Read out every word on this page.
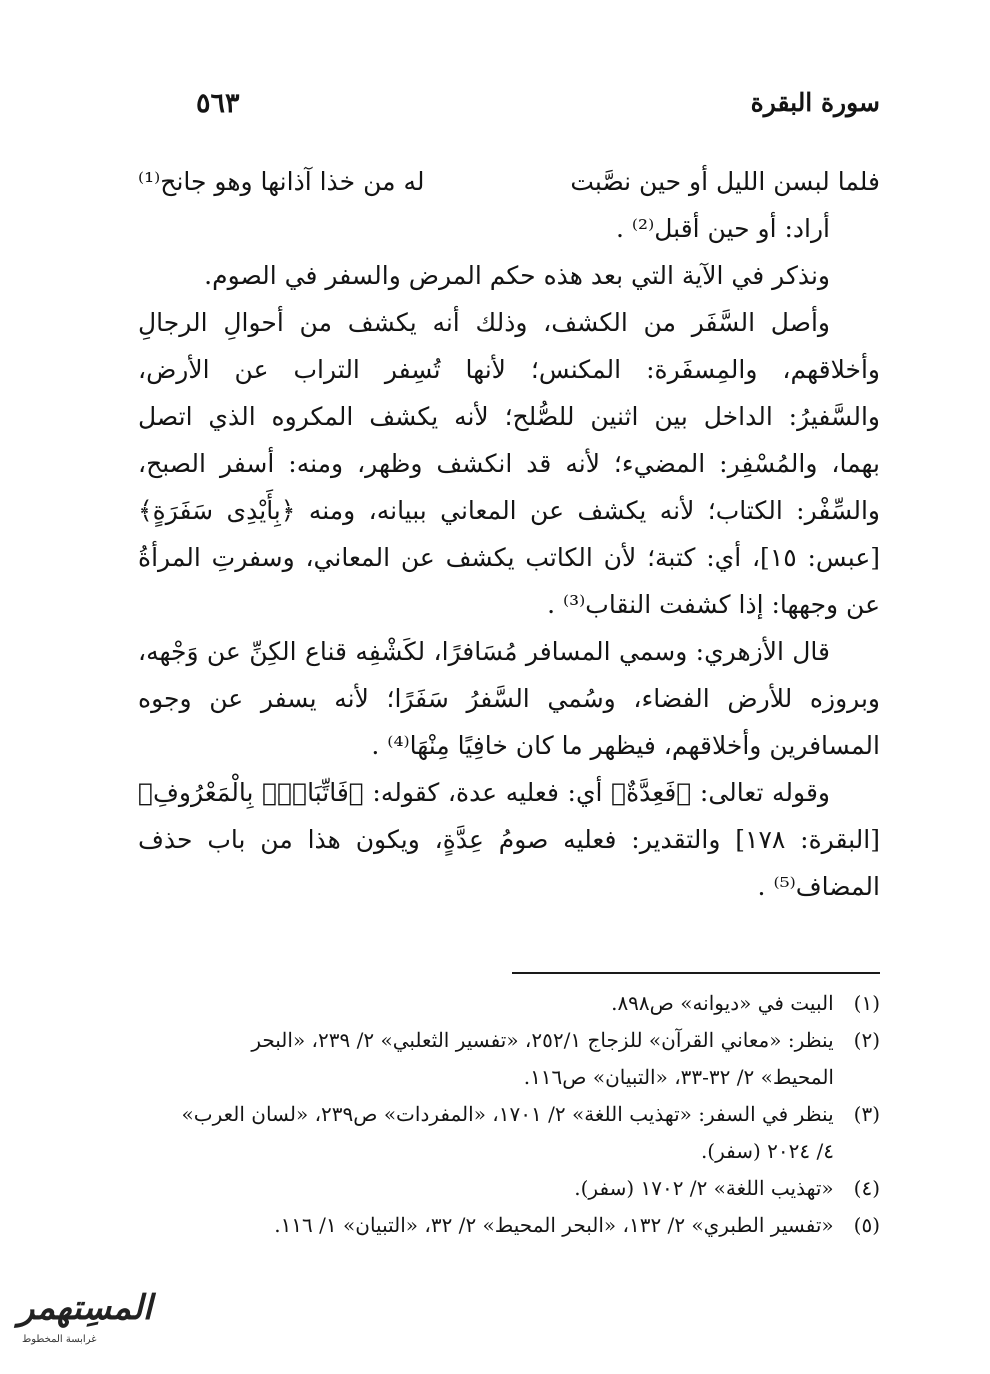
٥٦٣	سورة البقرة
فلما لبسن الليل أو حين نصَّبت
له من خذا آذانها وهو جانح⁽¹⁾
أراد: أو حين أقبل⁽²⁾ .
ونذكر في الآية التي بعد هذه حكم المرض والسفر في الصوم.
وأصل السَّفَر من الكشف، وذلك أنه يكشف من أحوالِ الرجالِ
وأخلاقهم، والمِسفَرة: المكنس؛ لأنها تُسِفر التراب عن الأرض،
والسَّفيرُ: الداخل بين اثنين للصُّلح؛ لأنه يكشف المكروه الذي اتصل
بهما، والمُسْفِر: المضيء؛ لأنه قد انكشف وظهر، ومنه: أسفر الصبح،
والسِّفْر: الكتاب؛ لأنه يكشف عن المعاني ببيانه، ومنه ﴿بِأَيْدِى سَفَرَةٍ﴾
[عبس: ١٥]، أي: كتبة؛ لأن الكاتب يكشف عن المعاني، وسفرتِ المرأةُ
عن وجهها: إذا كشفت النقاب⁽³⁾ .
قال الأزهري: وسمي المسافر مُسَافرًا، لكَشْفِه قناع الكِنِّ عن وَجْهه،
وبروزه للأرض الفضاء، وسُمي السَّفرُ سَفَرًا؛ لأنه يسفر عن وجوه
المسافرين وأخلاقهم، فيظهر ما كان خافِيًا مِنْهَا⁽⁴⁾ .
وقوله تعالى: ﴿فَعِدَّةٌ﴾ أي: فعليه عدة، كقوله: ﴿فَاتِّبَاعُۢ بِالْمَعْرُوفِ﴾
[البقرة: ١٧٨] والتقدير: فعليه صومُ عِدَّةٍ، ويكون هذا من باب حذف
المضاف⁽⁵⁾ .
(١) البيت في «ديوانه» ص٨٩٨.
(٢) ينظر: «معاني القرآن» للزجاج ٢٥٢/١، «تفسير الثعلبي» ٢/ ٢٣٩، «البحر
المحيط» ٢/ ٣٢-٣٣، «التبيان» ص١١٦.
(٣) ينظر في السفر: «تهذيب اللغة» ٢/ ١٧٠١، «المفردات» ص٢٣٩، «لسان العرب»
٤/ ٢٠٢٤ (سفر).
(٤) «تهذيب اللغة» ٢/ ١٧٠٢ (سفر).
(٥) «تفسير الطبري» ٢/ ١٣٢، «البحر المحيط» ٢/ ٣٢، «التبيان» ١/ ١١٦.
المسِتهمر
غرابسة المخطوط
